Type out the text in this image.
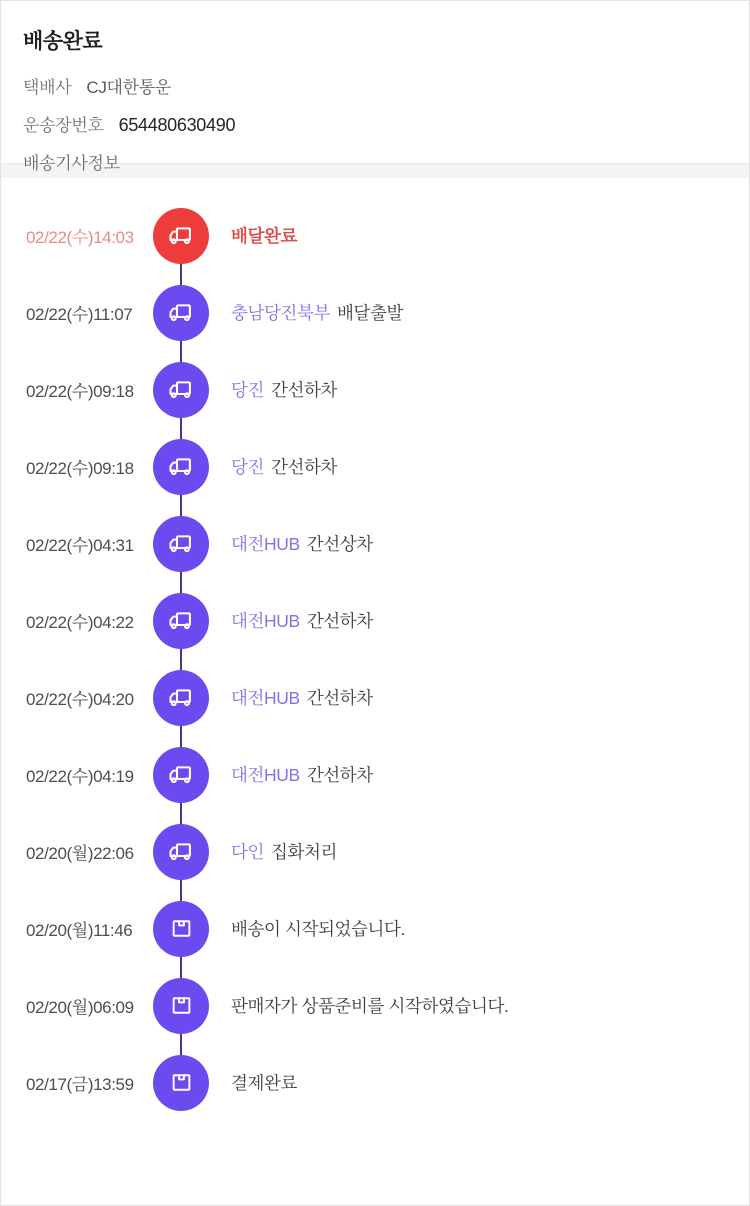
배송완료
택배사 CJ대한통운
운송장번호 654480630490
배송기사정보
02/22(수)14:03	배달완료
02/22(수)11:07	충남당진북부 배달출발
02/22(수)09:18	당진 간선하차
02/22(수)09:18	당진 간선하차
02/22(수)04:31	대전HUB 간선상차
02/22(수)04:22	대전HUB 간선하차
02/22(수)04:20	대전HUB 간선하차
02/22(수)04:19	대전HUB 간선하차
02/20(월)22:06	다인 집화처리
02/20(월)11:46	배송이 시작되었습니다.
02/20(월)06:09	판매자가 상품준비를 시작하였습니다.
02/17(금)13:59	결제완료
